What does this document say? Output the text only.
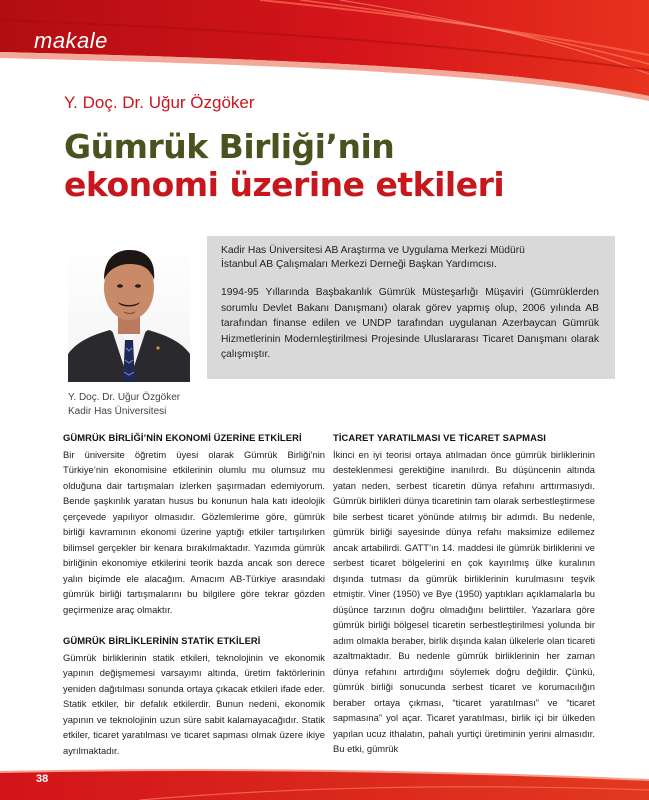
makale
Y. Doç. Dr. Uğur Özgöker
Gümrük Birliği’nin
ekonomi üzerine etkileri
Y. Doç. Dr. Uğur Özgöker
Kadir Has Üniversitesi

Kadir Has Üniversitesi AB Araştırma ve Uygulama Merkezi Müdürü
İstanbul AB Çalışmaları Merkezi Derneği Başkan Yardımcısı.

1994-95 Yıllarında Başbakanlık Gümrük Müsteşarlığı Müşaviri (Gümrüklerden sorumlu Devlet Bakanı Danışmanı) olarak görev yapmış olup, 2006 yılında AB tarafından finanse edilen ve UNDP tarafından uygulanan Azerbaycan Gümrük Hizmetlerinin Modernleştirilmesi Projesinde Uluslararası Ticaret Danışmanı olarak çalışmıştır.

GÜMRÜK BİRLİĞİ’NİN EKONOMİ ÜZERİNE ETKİLERİ

Bir üniversite öğretim üyesi olarak Gümrük Birliği’nin Türkiye’nin ekonomisine etkilerinin olumlu mu olumsuz mu olduğuna dair tartışmaları izlerken şaşırmadan edemiyorum. Bende şaşkınlık yaratan husus bu konunun hala katı ideolojik çerçevede yapılıyor olmasıdır. Gözlemlerime göre, gümrük birliği kavramının ekonomi üzerine yaptığı etkiler tartışılırken bilimsel gerçekler bir kenara bırakılmaktadır. Yazımda gümrük birliğinin ekonomiye etkilerini teorik bazda ancak son derece yalın biçimde ele alacağım. Amacım AB-Türkiye arasındaki gümrük birliği tartışmalarını bu bilgilere göre tekrar gözden geçirmenize araç olmaktır.

GÜMRÜK BİRLİKLERİNİN STATİK ETKİLERİ

Gümrük birliklerinin statik etkileri, teknolojinin ve ekonomik yapının değişmemesi varsayımı altında, üretim faktörlerinin yeniden dağıtılması sonunda ortaya çıkacak etkileri ifade eder. Statik etkiler, bir defalık etkilerdir. Bunun nedeni, ekonomik yapının ve teknolojinin uzun süre sabit kalamayacağıdır. Statik etkiler, ticaret yaratılması ve ticaret sapması olmak üzere ikiye ayrılmaktadır.

TİCARET YARATILMASI VE TİCARET SAPMASI

İkinci en iyi teorisi ortaya atılmadan önce gümrük birliklerinin desteklenmesi gerektiğine inanılırdı. Bu düşüncenin altında yatan neden, serbest ticaretin dünya refahını arttırmasıydı. Gümrük birlikleri dünya ticaretinin tam olarak serbestleştirmese bile serbest ticaret yönünde atılmış bir adımdı. Bu nedenle, gümrük birliği sayesinde dünya refahı maksimize edilemez ancak artabilirdi. GATT’ın 14. maddesi ile gümrük birliklerini ve serbest ticaret bölgelerini en çok kayırılmış ülke kuralının dışında tutması da gümrük birliklerinin kurulmasını teşvik etmiştir. Viner (1950) ve Bye (1950) yaptıkları açıklamalarla bu düşünce tarzının doğru olmadığını belirttiler. Yazarlara göre gümrük birliği bölgesel ticaretin serbestleştirilmesi yolunda bir adım olmakla beraber, birlik dışında kalan ülkelerle olan ticareti azaltmaktadır. Bu nedenle gümrük birliklerinin her zaman dünya refahını artırdığını söylemek doğru değildir. Çünkü, gümrük birliği sonucunda serbest ticaret ve korumacılığın beraber ortaya çıkması, “ticaret yaratılması” ve “ticaret sapmasına” yol açar. Ticaret yaratılması, birlik içi bir ülkeden yapılan ucuz ithalatın, pahalı yurtiçi üretiminin yerini almasıdır. Bu etki, gümrük

38
